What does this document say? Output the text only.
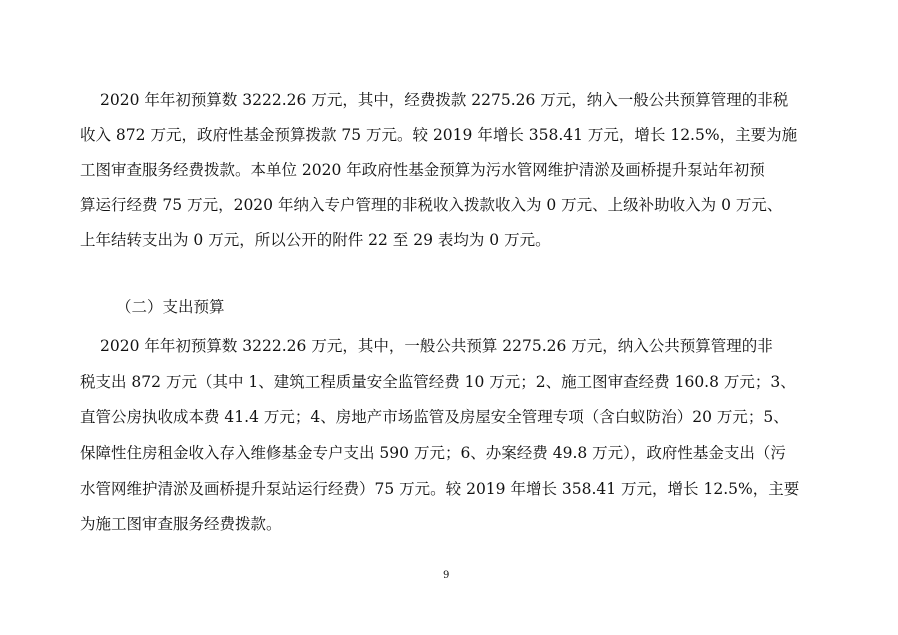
2020 年年初预算数 3222.26 万元，其中，经费拨款 2275.26 万元，纳入一般公共预算管理的非税
收入 872 万元，政府性基金预算拨款 75 万元。较 2019 年增长 358.41 万元，增长 12.5%，主要为施
工图审查服务经费拨款。本单位 2020 年政府性基金预算为污水管网维护清淤及画桥提升泵站年初预
算运行经费 75 万元，2020 年纳入专户管理的非税收入拨款收入为 0 万元、上级补助收入为 0 万元、
上年结转支出为 0 万元，所以公开的附件 22 至 29 表均为 0 万元。
（二）支出预算
2020 年年初预算数 3222.26 万元，其中，一般公共预算 2275.26 万元，纳入公共预算管理的非
税支出 872 万元（其中 1、建筑工程质量安全监管经费 10 万元；2、施工图审查经费 160.8 万元；3、
直管公房执收成本费 41.4 万元；4、房地产市场监管及房屋安全管理专项（含白蚁防治）20 万元；5、
保障性住房租金收入存入维修基金专户支出 590 万元；6、办案经费 49.8 万元），政府性基金支出（污
水管网维护清淤及画桥提升泵站运行经费）75 万元。较 2019 年增长 358.41 万元，增长 12.5%，主要
为施工图审查服务经费拨款。
9
